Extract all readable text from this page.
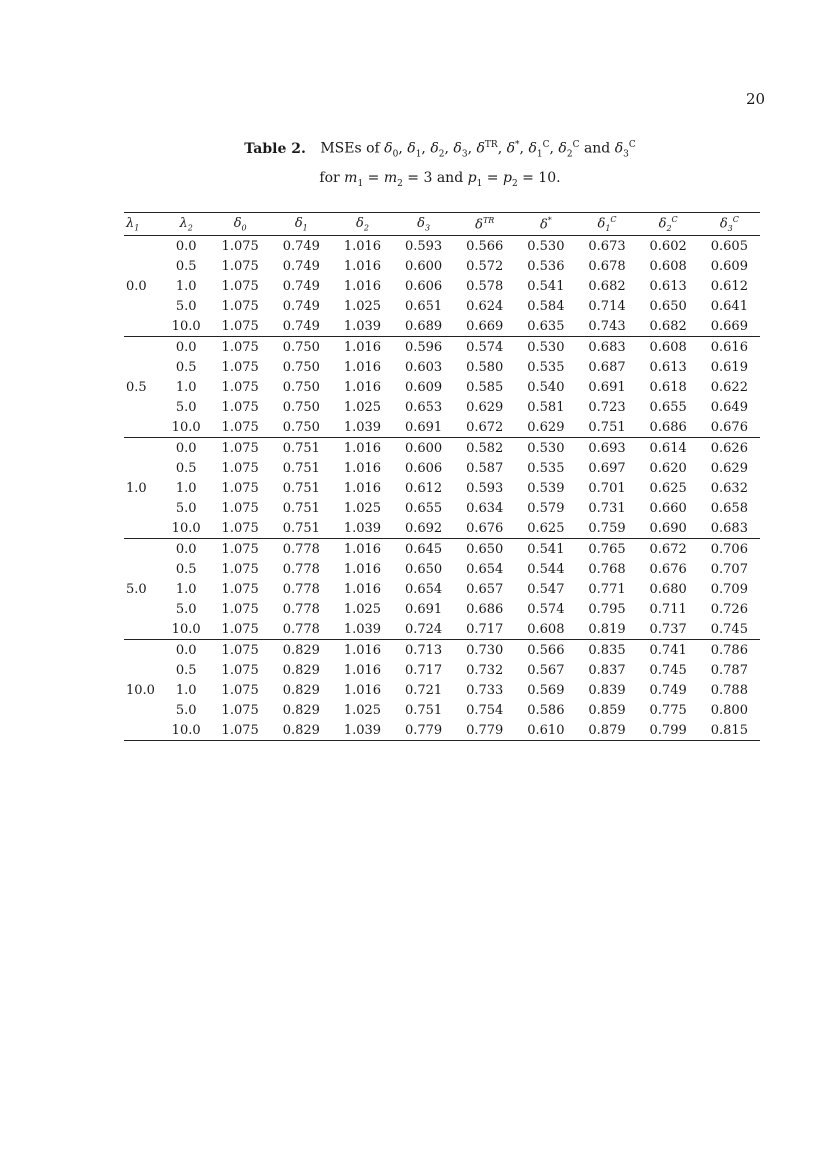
20
Table 2. MSEs of $\delta_0$, $\delta_1$, $\delta_2$, $\delta_3$, $\delta^{TR}$, δ*, $\delta_1^C$, $\delta_2^C$ and $\delta_3^C$
for $m_1 = m_2 = 3$ and $p_1 = p_2 = 10$.
$\lambda_1$	$\lambda_2$	$\delta_0$	$\delta_1$	$\delta_2$	$\delta_3$	$\delta^{TR}$	δ*	$\delta_1^C$	$\delta_2^C$	$\delta_3^C$
	0.0	1.075	0.749	1.016	0.593	0.566	0.530	0.673	0.602	0.605
	0.5	1.075	0.749	1.016	0.600	0.572	0.536	0.678	0.608	0.609
0.0	1.0	1.075	0.749	1.016	0.606	0.578	0.541	0.682	0.613	0.612
	5.0	1.075	0.749	1.025	0.651	0.624	0.584	0.714	0.650	0.641
	10.0	1.075	0.749	1.039	0.689	0.669	0.635	0.743	0.682	0.669
	0.0	1.075	0.750	1.016	0.596	0.574	0.530	0.683	0.608	0.616
	0.5	1.075	0.750	1.016	0.603	0.580	0.535	0.687	0.613	0.619
0.5	1.0	1.075	0.750	1.016	0.609	0.585	0.540	0.691	0.618	0.622
	5.0	1.075	0.750	1.025	0.653	0.629	0.581	0.723	0.655	0.649
	10.0	1.075	0.750	1.039	0.691	0.672	0.629	0.751	0.686	0.676
	0.0	1.075	0.751	1.016	0.600	0.582	0.530	0.693	0.614	0.626
	0.5	1.075	0.751	1.016	0.606	0.587	0.535	0.697	0.620	0.629
1.0	1.0	1.075	0.751	1.016	0.612	0.593	0.539	0.701	0.625	0.632
	5.0	1.075	0.751	1.025	0.655	0.634	0.579	0.731	0.660	0.658
	10.0	1.075	0.751	1.039	0.692	0.676	0.625	0.759	0.690	0.683
	0.0	1.075	0.778	1.016	0.645	0.650	0.541	0.765	0.672	0.706
	0.5	1.075	0.778	1.016	0.650	0.654	0.544	0.768	0.676	0.707
5.0	1.0	1.075	0.778	1.016	0.654	0.657	0.547	0.771	0.680	0.709
	5.0	1.075	0.778	1.025	0.691	0.686	0.574	0.795	0.711	0.726
	10.0	1.075	0.778	1.039	0.724	0.717	0.608	0.819	0.737	0.745
	0.0	1.075	0.829	1.016	0.713	0.730	0.566	0.835	0.741	0.786
	0.5	1.075	0.829	1.016	0.717	0.732	0.567	0.837	0.745	0.787
10.0	1.0	1.075	0.829	1.016	0.721	0.733	0.569	0.839	0.749	0.788
	5.0	1.075	0.829	1.025	0.751	0.754	0.586	0.859	0.775	0.800
	10.0	1.075	0.829	1.039	0.779	0.779	0.610	0.879	0.799	0.815
